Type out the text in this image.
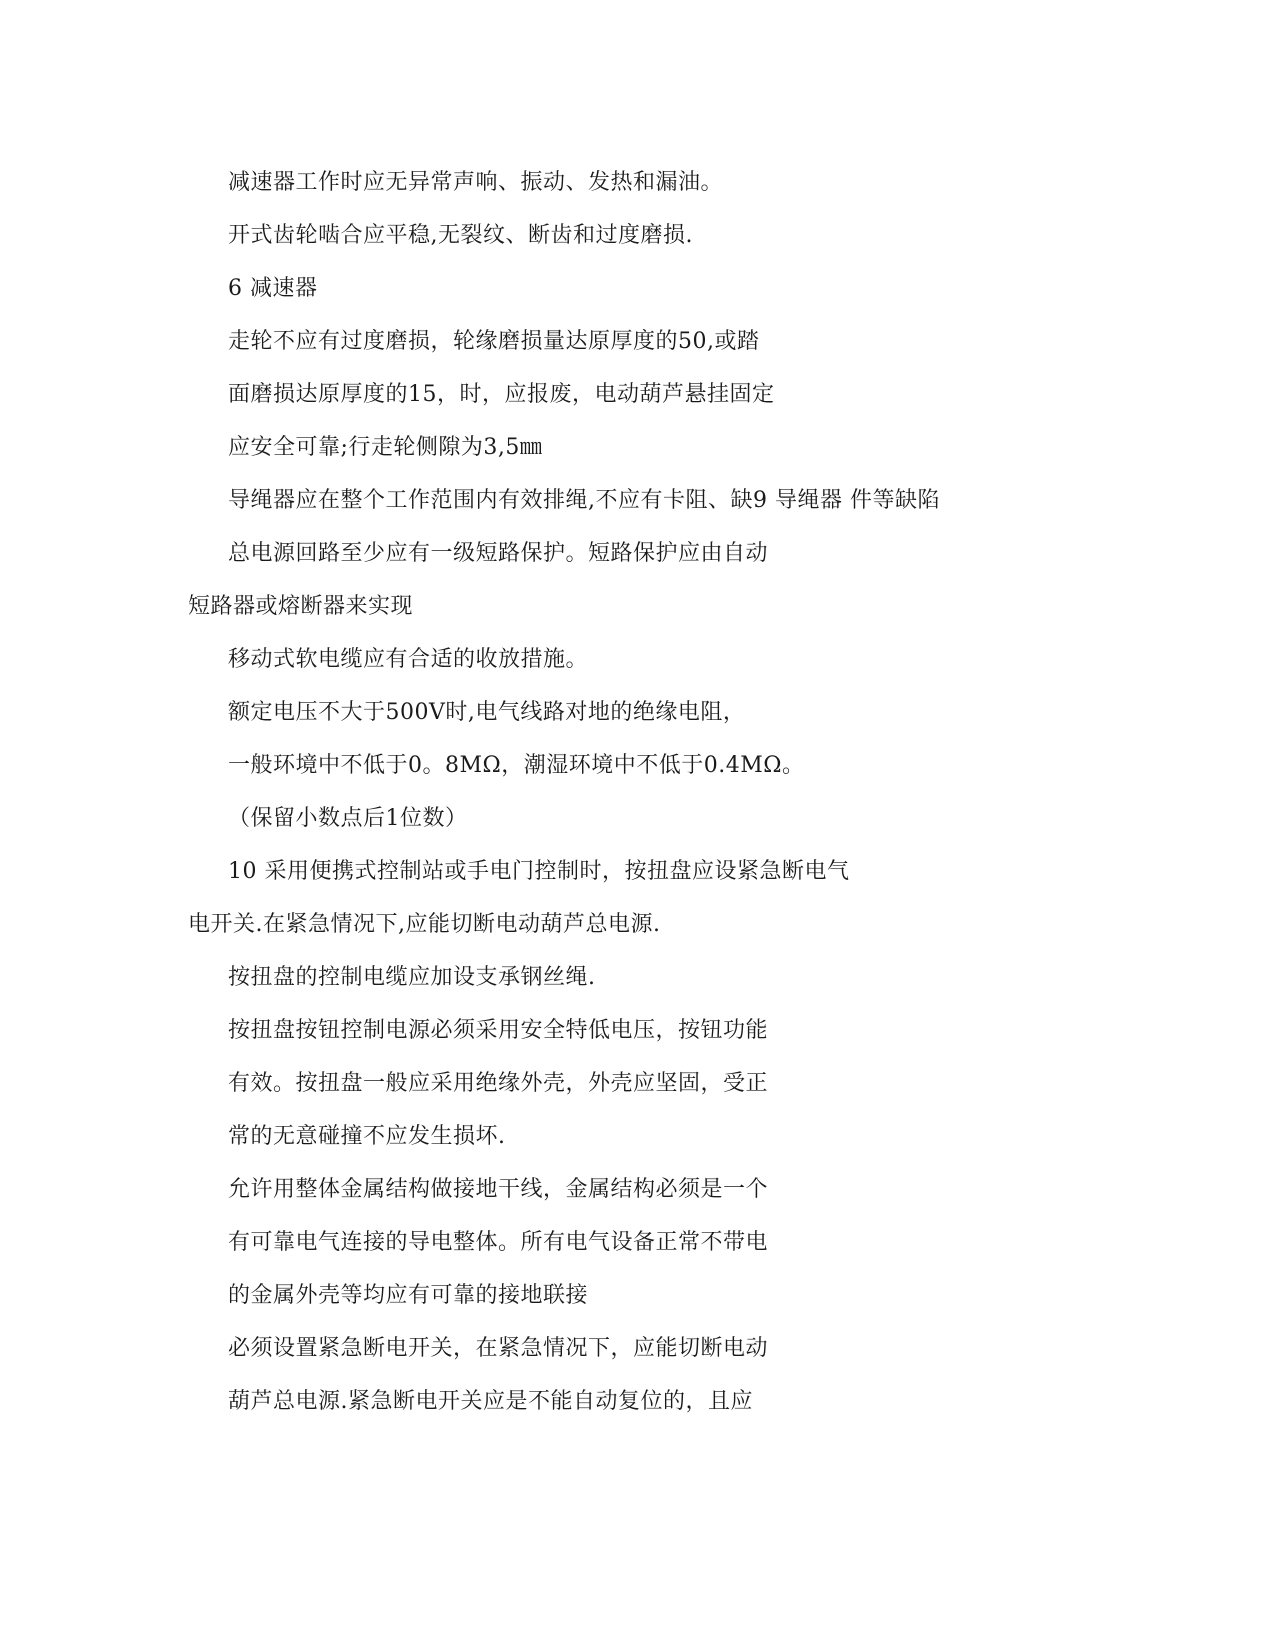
减速器工作时应无异常声响、振动、发热和漏油。
开式齿轮啮合应平稳,无裂纹、断齿和过度磨损.
6 减速器
走轮不应有过度磨损，轮缘磨损量达原厚度的50,或踏
面磨损达原厚度的15，时，应报废，电动葫芦悬挂固定
应安全可靠;行走轮侧隙为3,5㎜
导绳器应在整个工作范围内有效排绳,不应有卡阻、缺9 导绳器 件等缺陷
总电源回路至少应有一级短路保护。短路保护应由自动
短路器或熔断器来实现
移动式软电缆应有合适的收放措施。
额定电压不大于500V时,电气线路对地的绝缘电阻，
一般环境中不低于0。8MΩ，潮湿环境中不低于0.4MΩ。
（保留小数点后1位数）
10 采用便携式控制站或手电门控制时，按扭盘应设紧急断电气
电开关.在紧急情况下,应能切断电动葫芦总电源.
按扭盘的控制电缆应加设支承钢丝绳.
按扭盘按钮控制电源必须采用安全特低电压，按钮功能
有效。按扭盘一般应采用绝缘外壳，外壳应坚固，受正
常的无意碰撞不应发生损坏.
允许用整体金属结构做接地干线，金属结构必须是一个
有可靠电气连接的导电整体。所有电气设备正常不带电
的金属外壳等均应有可靠的接地联接
必须设置紧急断电开关，在紧急情况下，应能切断电动
葫芦总电源.紧急断电开关应是不能自动复位的，且应
